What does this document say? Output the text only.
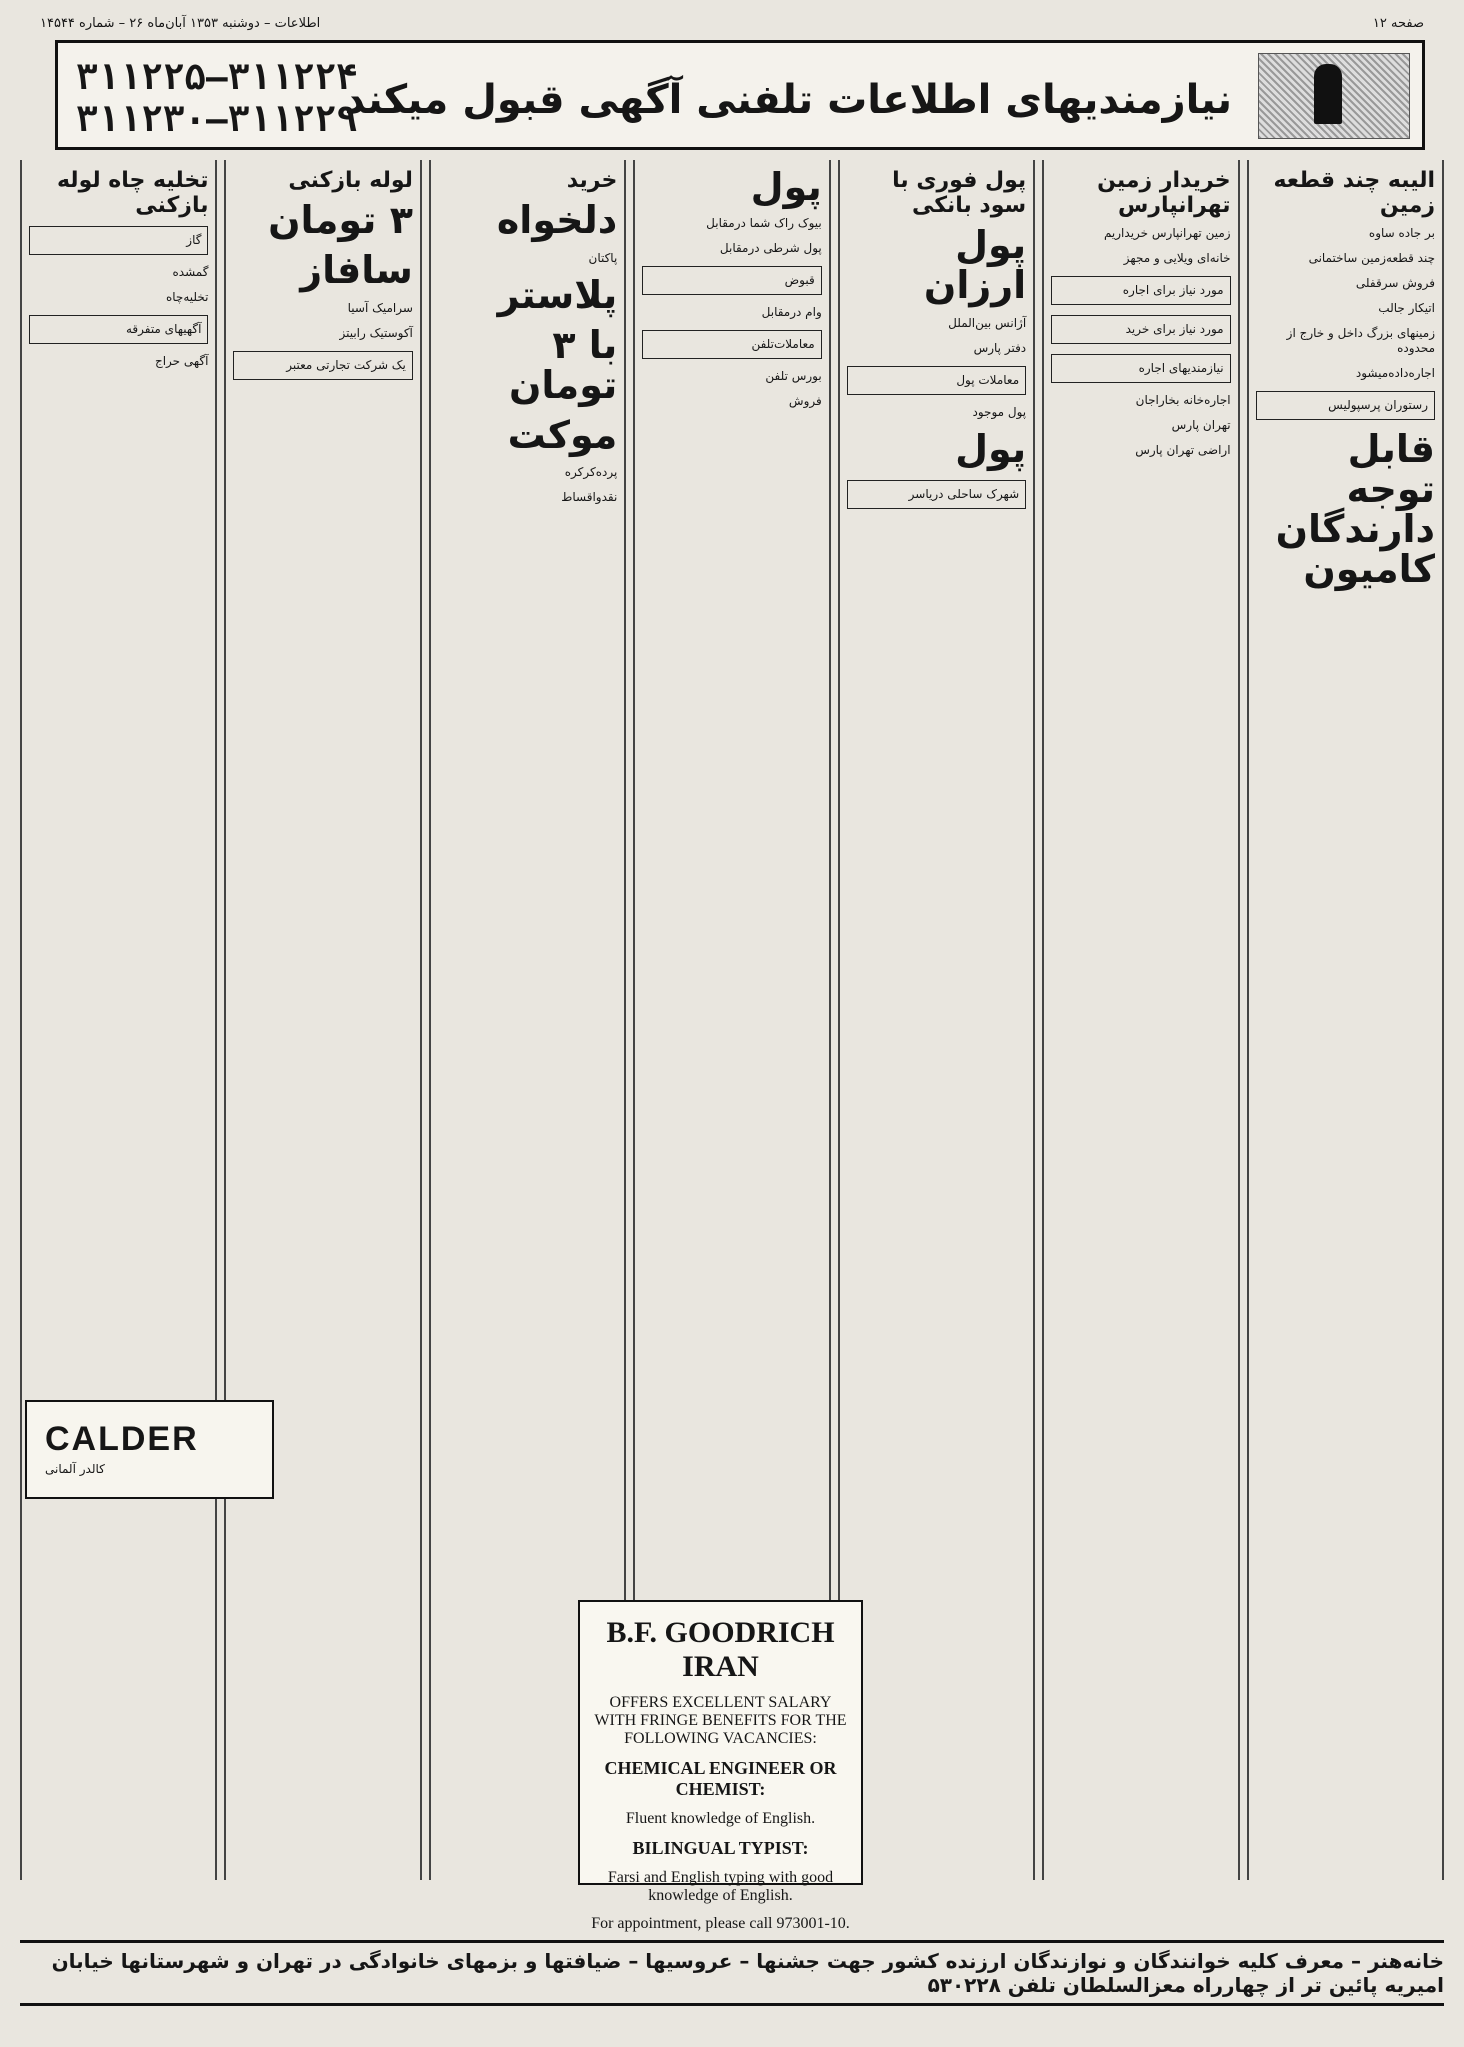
صفحه ۱۲
اطلاعات – دوشنبه ۱۳۵۳ آبان‌ماه ۲۶ – شماره ۱۴۵۴۴
نیازمندیهای اطلاعات تلفنی آگهی قبول میکند
۳۱۱۲۲۵–۳۱۱۲۲۴
۳۱۱۲۳۰–۳۱۱۲۲۹
الیبه چند قطعه زمین
بر جاده ساوه
چند قطعه‌زمین ساختمانی
فروش سرقفلی
اتیکار جالب
زمینهای بزرگ داخل و خارج از محدوده
اجاره‌داده‌میشود
رستوران پرسپولیس
قابل توجه دارندگان کامیون
خریدار زمین تهرانپارس
زمین تهرانپارس خریداریم
خانه‌ای ویلایی و مجهز
مورد نیاز برای اجاره
مورد نیاز برای خرید
نیازمندیهای اجاره
اجاره‌خانه بخاراجان
تهران پارس
اراضی تهران پارس
پول فوری با سود بانکی
پول ارزان
آژانس بین‌الملل
دفتر پارس
معاملات پول
پول موجود
پول
شهرک ساحلی دریاسر
پول
بیوک راک شما درمقابل
پول شرطی درمقابل
قبوض
وام درمقابل
معاملات‌تلفن
بورس تلفن
فروش
خرید
دلخواه
پاکتان
پلاستر
با ۳ تومان
موکت
پرده‌کرکره
نقدواقساط
لوله بازکنی
۳ تومان
سافاز
سرامیک آسیا
آکوستیک رابیتز
یک شرکت تجارتی معتبر
تخلیه چاه لوله بازکنی
گاز
گمشده
تخلیه‌چاه
آگهیهای متفرقه
آگهی حراج
CALDER
کالدر آلمانی
B.F. GOODRICH
IRAN
OFFERS EXCELLENT SALARY WITH FRINGE BENEFITS FOR THE FOLLOWING VACANCIES:
CHEMICAL ENGINEER OR CHEMIST:
Fluent knowledge of English.
BILINGUAL TYPIST:
Farsi and English typing with good knowledge of English.
For appointment, please call 973001-10.
خانه‌هنر – معرف کلیه خوانندگان و نوازندگان ارزنده کشور جهت جشنها – عروسیها – ضیافتها و بزمهای خانوادگی در تهران و شهرستانها خیابان امیریه پائین تر از چهارراه معزالسلطان تلفن ۵۳۰۲۲۸
